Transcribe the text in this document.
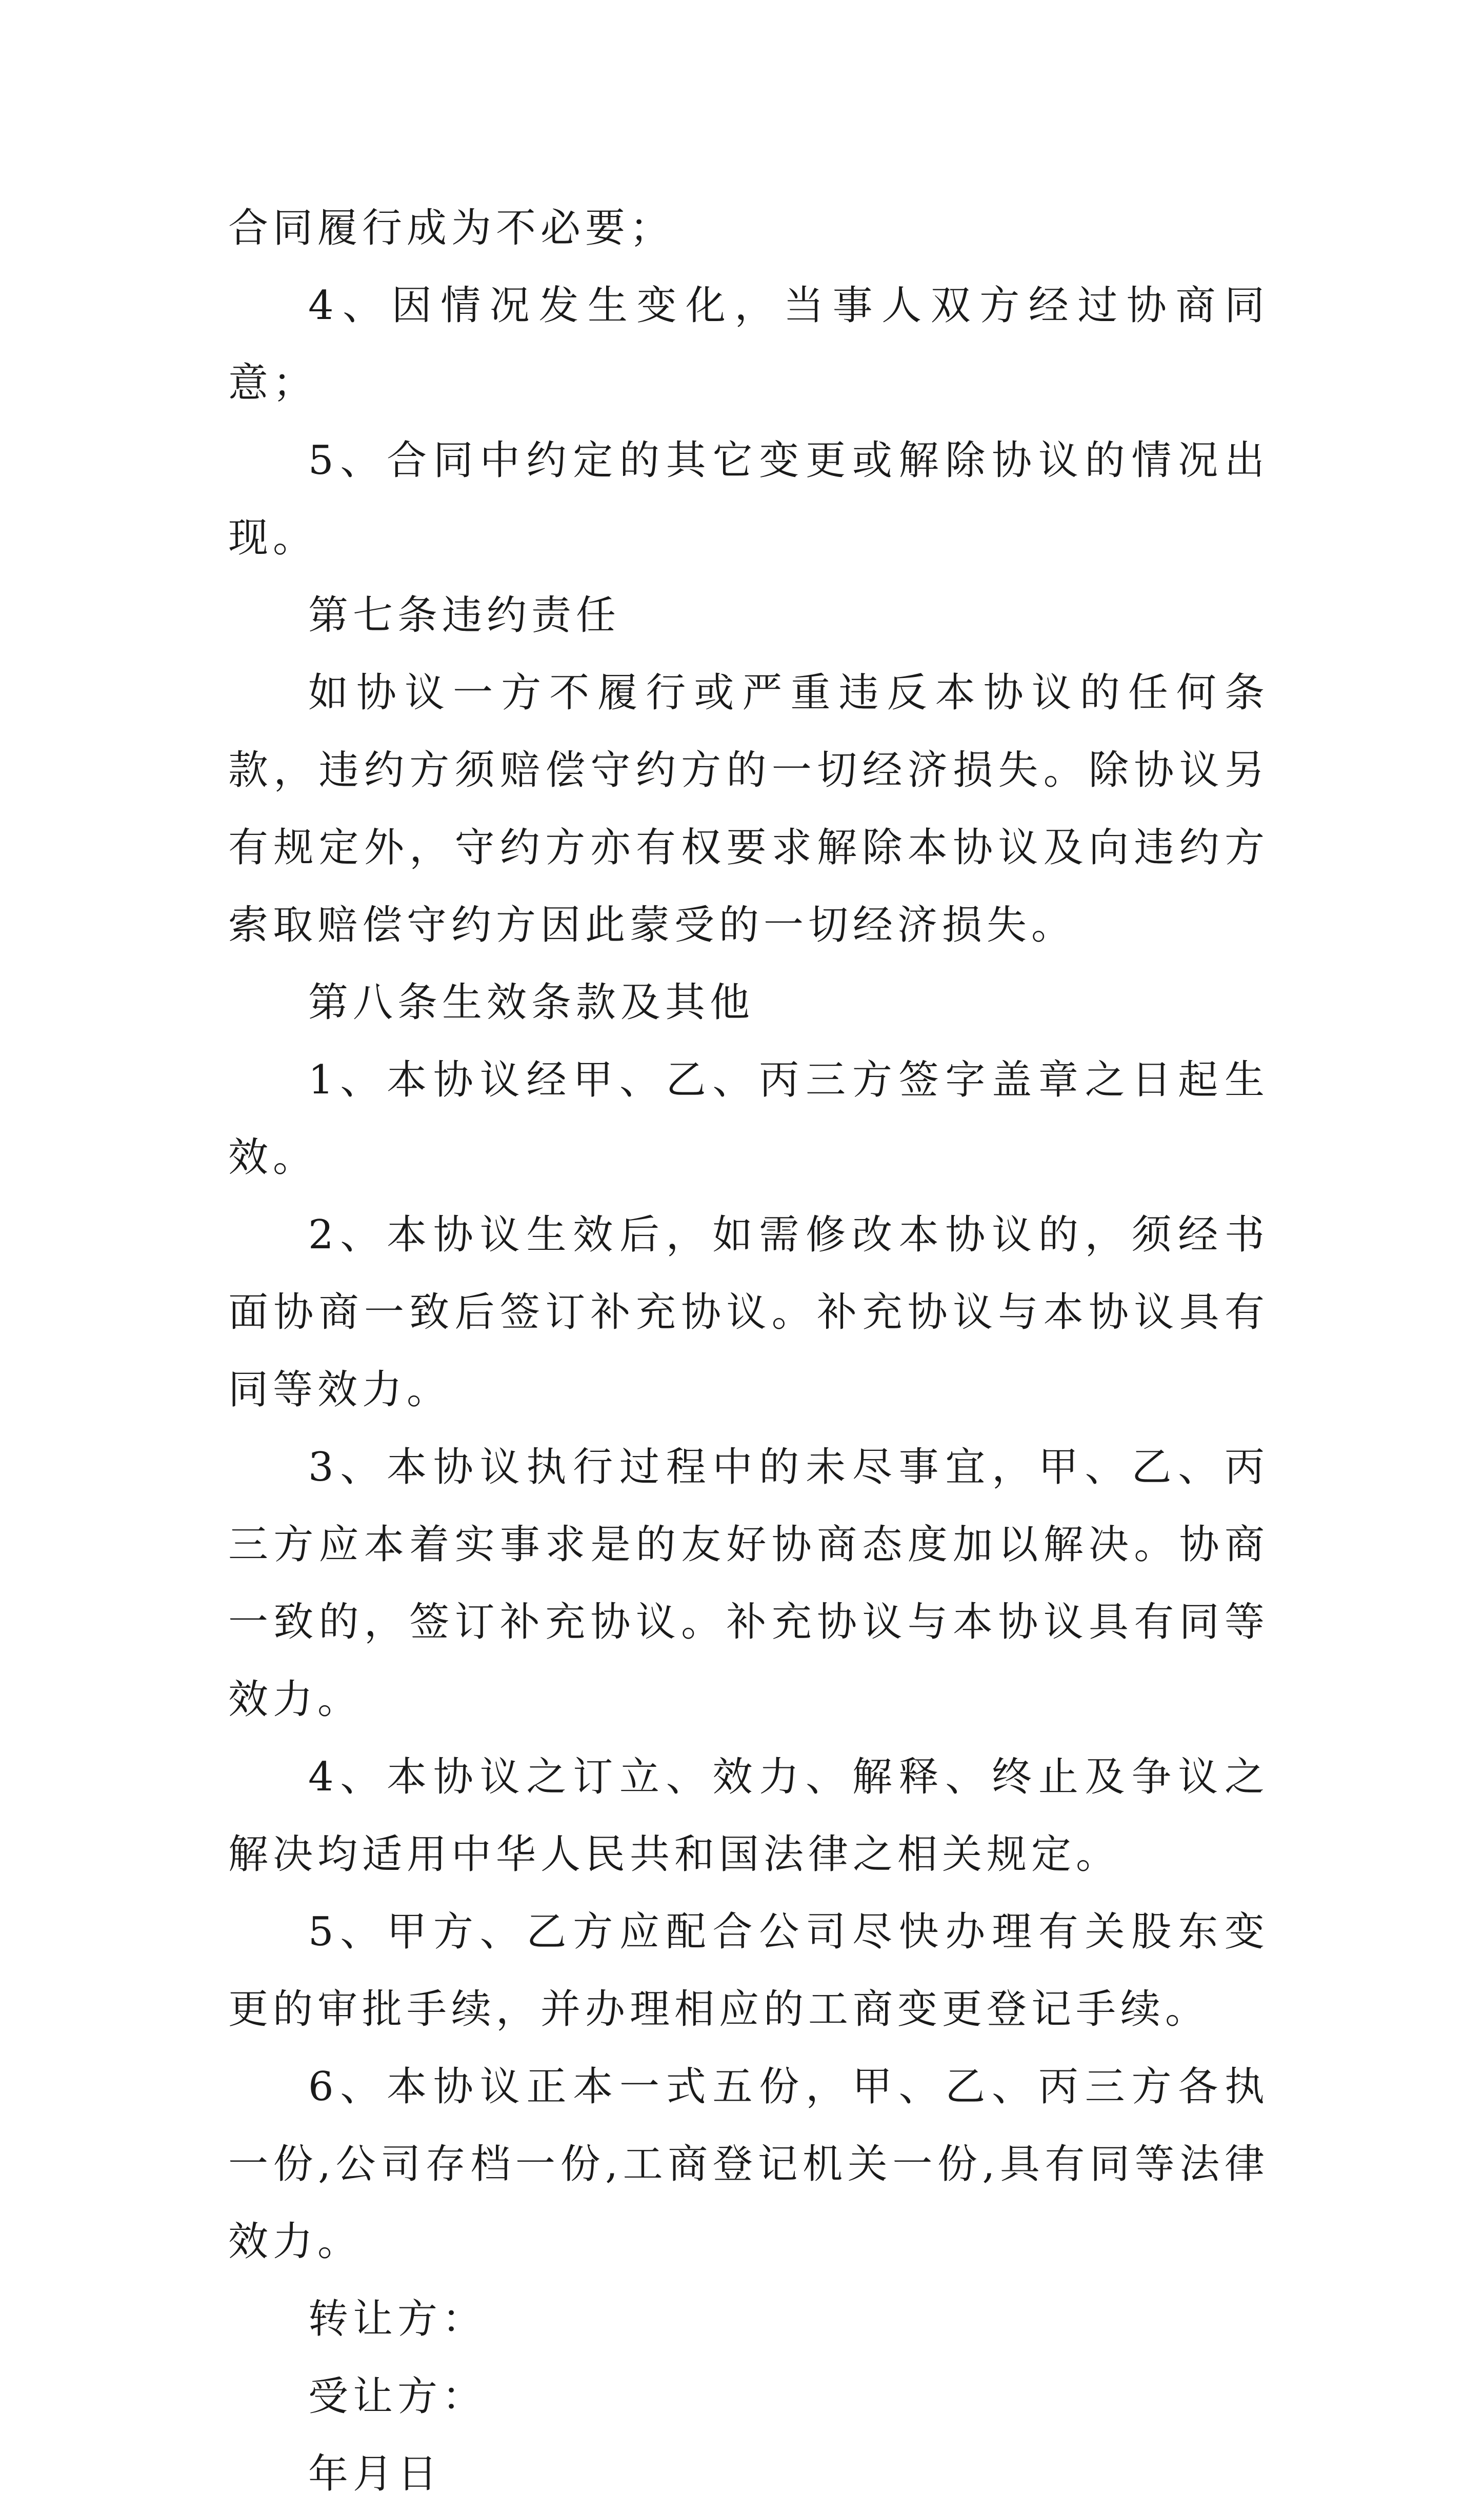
合同履行成为不必要；

4、因情况发生变化，当事人双方经过协商同意；

5、合同中约定的其它变更或解除协议的情况出现。

第七条违约责任

如协议一方不履行或严重违反本协议的任何条款，违约方须赔偿守约方的一切经济损失。除协议另有规定外，守约方亦有权要求解除本协议及向违约方索取赔偿守约方因此蒙受的一切经济损失。

第八条生效条款及其他

1、本协议经甲、乙、丙三方签字盖章之日起生效。

2、本协议生效后，如需修改本协议的，须经书面协商一致后签订补充协议。补充协议与本协议具有同等效力。

3、本协议执行过程中的未尽事宜，甲、乙、丙三方应本着实事求是的友好协商态度加以解决。协商一致的，签订补充协议。补充协议与本协议具有同等效力。

4、本协议之订立、效力、解释、终止及争议之解决均适用中华人民共和国法律之相关规定。

5、甲方、乙方应配合公司尽快办理有关股东变更的审批手续，并办理相应的工商变更登记手续。

6、本协议正本一式五份，甲、乙、丙三方各执一份,公司存档一份,工商登记机关一份,具有同等法律效力。

转让方：

受让方：

年月日
